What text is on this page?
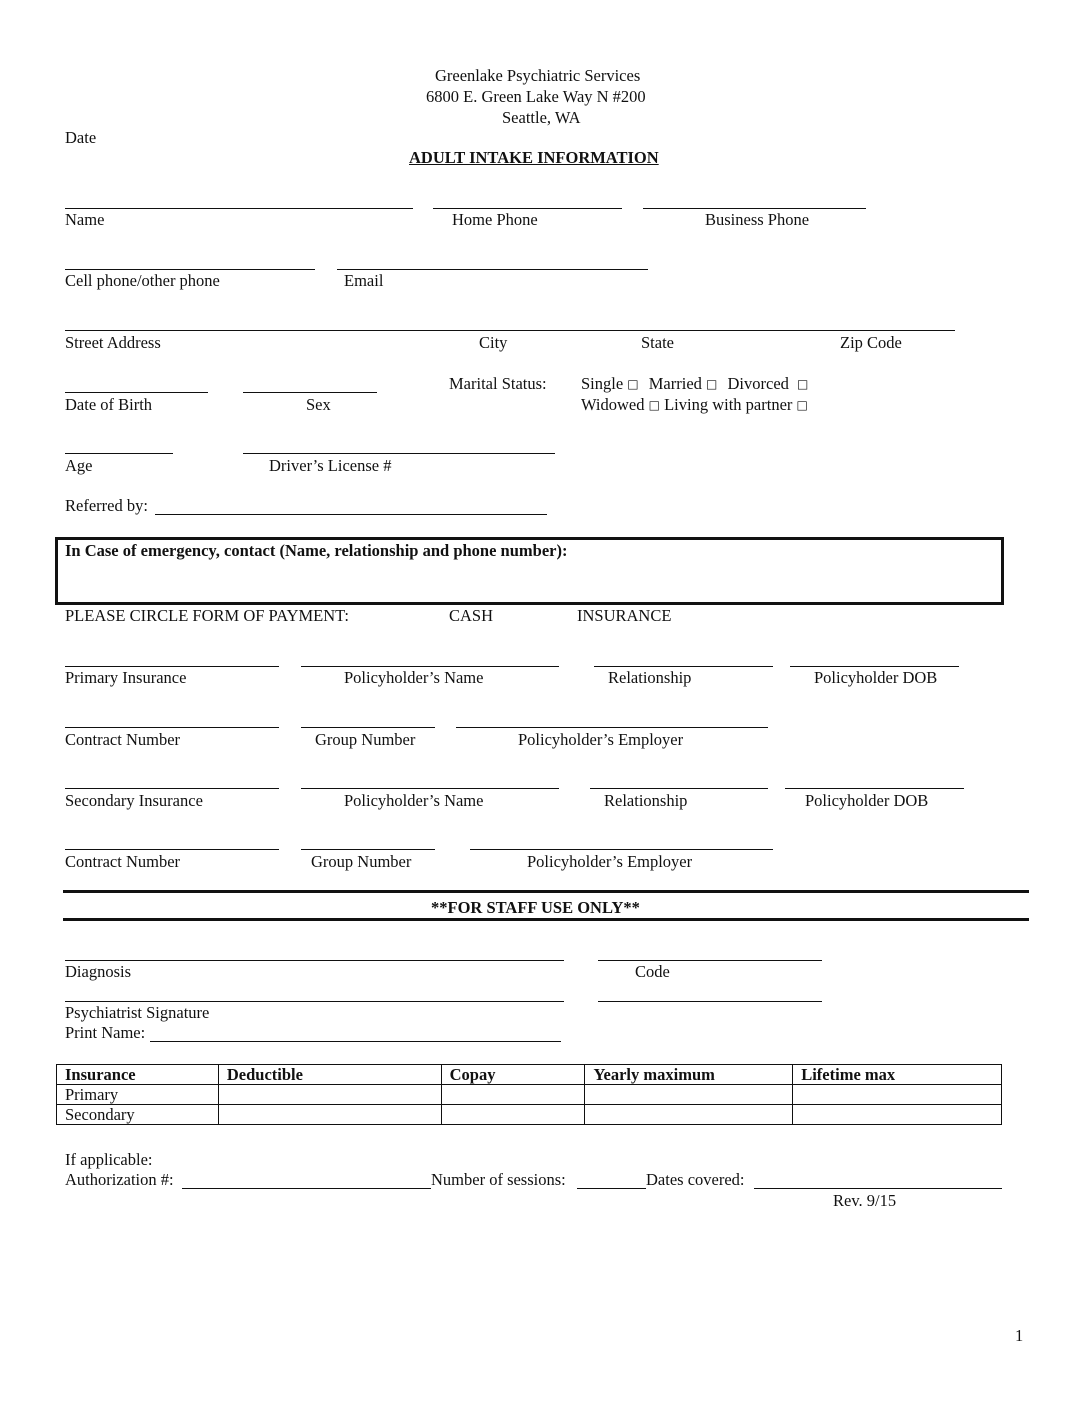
Greenlake Psychiatric Services
6800 E. Green Lake Way N #200
Seattle, WA
Date
ADULT INTAKE INFORMATION
Name	Home Phone	Business Phone
Cell phone/other phone	Email
Street Address	City	State	Zip Code
Marital Status: Single □ Married □ Divorced □
Date of Birth	Sex	Widowed □ Living with partner □
Age	Driver’s License #
Referred by:
In Case of emergency, contact (Name, relationship and phone number):
PLEASE CIRCLE FORM OF PAYMENT:	CASH	INSURANCE
Primary Insurance	Policyholder’s Name	Relationship	Policyholder DOB
Contract Number	Group Number	Policyholder’s Employer
Secondary Insurance	Policyholder’s Name	Relationship	Policyholder DOB
Contract Number	Group Number	Policyholder’s Employer
**FOR STAFF USE ONLY**
Diagnosis	Code
Psychiatrist Signature
Print Name:
Insurance	Deductible	Copay	Yearly maximum	Lifetime max
Primary				
Secondary				
If applicable:
Authorization #:	Number of sessions:	Dates covered:
Rev. 9/15
1
